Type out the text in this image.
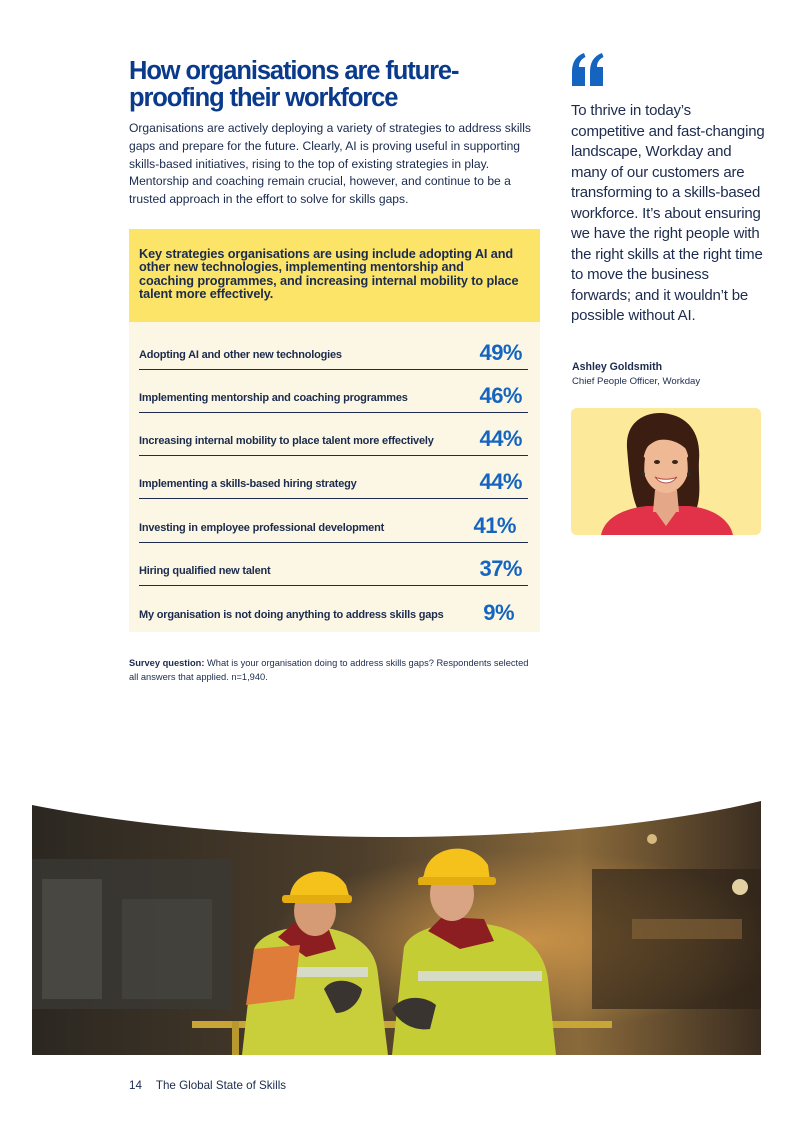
How organisations are future-proofing their workforce

Organisations are actively deploying a variety of strategies to address skills gaps and prepare for the future. Clearly, AI is proving useful in supporting skills-based initiatives, rising to the top of existing strategies in play. Mentorship and coaching remain crucial, however, and continue to be a trusted approach in the effort to solve for skills gaps.

Key strategies organisations are using include adopting AI and other new technologies, implementing mentorship and coaching programmes, and increasing internal mobility to place talent more effectively.

Adopting AI and other new technologies	49%
Implementing mentorship and coaching programmes	46%
Increasing internal mobility to place talent more effectively 44%
Implementing a skills-based hiring strategy	44%
Investing in employee professional development	41%
Hiring qualified new talent	37%
My organisation is not doing anything to address skills gaps 9%

Survey question: What is your organisation doing to address skills gaps? Respondents selected all answers that applied. n=1,940.

To thrive in today’s competitive and fast-changing landscape, Workday and many of our customers are transforming to a skills-based workforce. It’s about ensuring we have the right people with the right skills at the right time to move the business forwards; and it wouldn’t be possible without AI.

Ashley Goldsmith

Chief People Officer, Workday

14 The Global State of Skills
